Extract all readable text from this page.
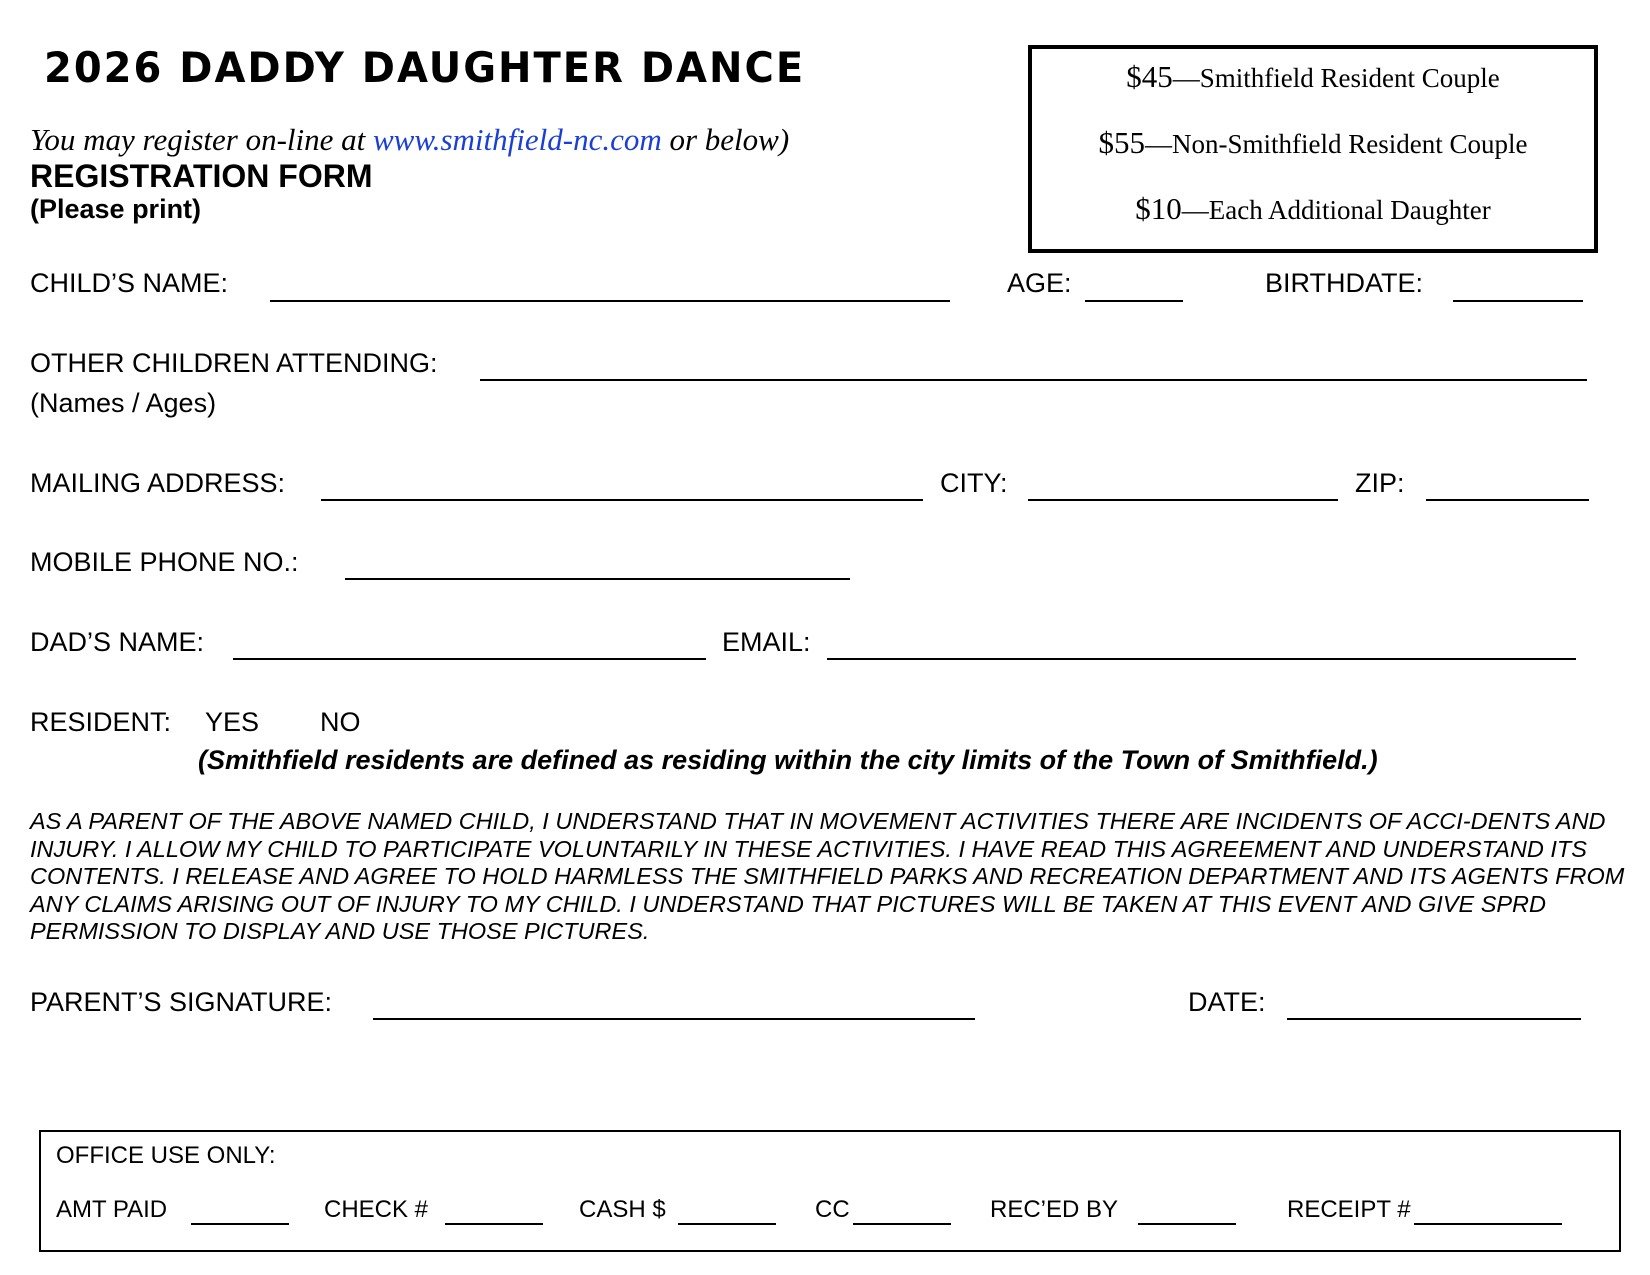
2026 DADDY DAUGHTER DANCE
You may register on-line at www.smithfield-nc.com or below)
REGISTRATION FORM
(Please print)
$45—Smithfield Resident Couple
$55—Non-Smithfield Resident Couple
$10—Each Additional Daughter
CHILD’S NAME:	AGE:	BIRTHDATE:
OTHER CHILDREN ATTENDING:
(Names / Ages)
MAILING ADDRESS:	CITY:	ZIP:
MOBILE PHONE NO.:
DAD’S NAME:	EMAIL:
RESIDENT: YES NO
(Smithfield residents are defined as residing within the city limits of the Town of Smithfield.)
AS A PARENT OF THE ABOVE NAMED CHILD, I UNDERSTAND THAT IN MOVEMENT ACTIVITIES THERE ARE INCIDENTS OF ACCI-DENTS AND INJURY. I ALLOW MY CHILD TO PARTICIPATE VOLUNTARILY IN THESE ACTIVITIES. I HAVE READ THIS AGREEMENT AND UNDERSTAND ITS CONTENTS. I RELEASE AND AGREE TO HOLD HARMLESS THE SMITHFIELD PARKS AND RECREATION DEPARTMENT AND ITS AGENTS FROM ANY CLAIMS ARISING OUT OF INJURY TO MY CHILD. I UNDERSTAND THAT PICTURES WILL BE TAKEN AT THIS EVENT AND GIVE SPRD PERMISSION TO DISPLAY AND USE THOSE PICTURES.
PARENT’S SIGNATURE:	DATE:
OFFICE USE ONLY:
AMT PAID	CHECK #	CASH $	CC	REC’ED BY	RECEIPT #
